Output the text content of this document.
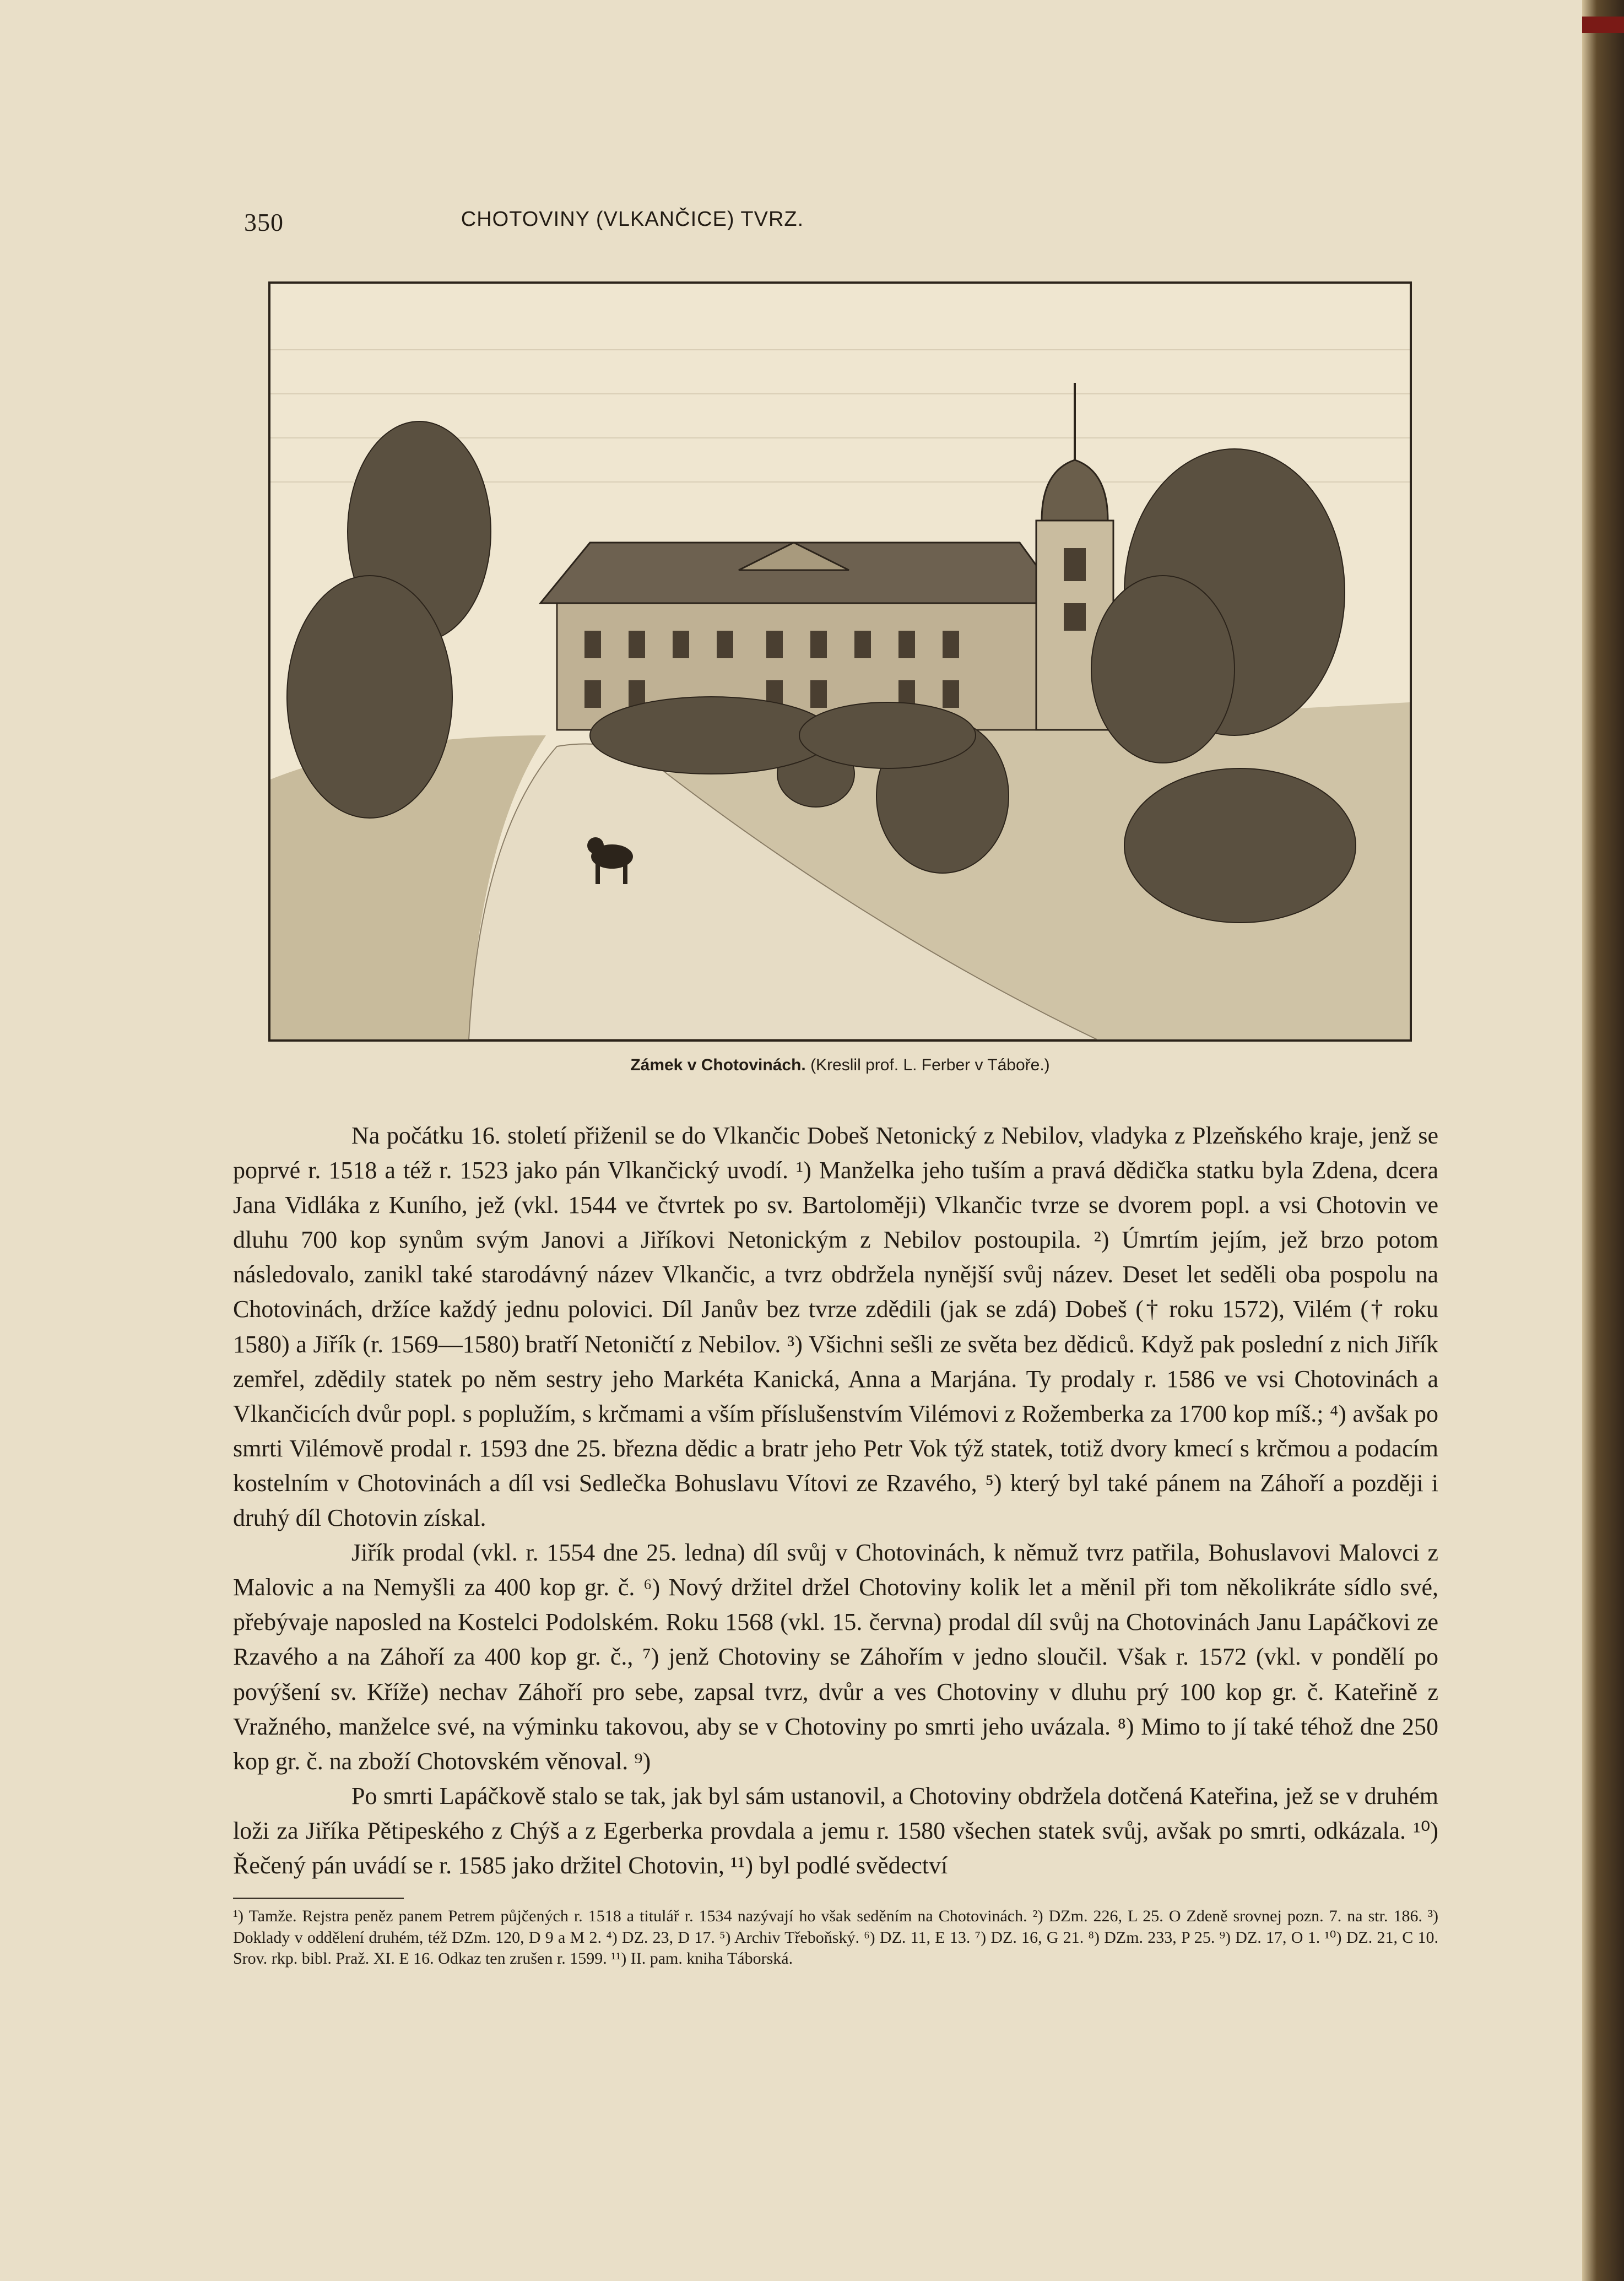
350	CHOTOVINY (VLKANČICE) TVRZ.
Zámek v Chotovinách. (Kreslil prof. L. Ferber v Táboře.)

Na počátku 16. století přiženil se do Vlkančic Dobeš Netonický z Nebilov, vladyka z Plzeňského kraje, jenž se poprvé r. 1518 a též r. 1523 jako pán Vlkančický uvodí. ¹) Manželka jeho tuším a pravá dědička statku byla Zdena, dcera Jana Vidláka z Kuního, jež (vkl. 1544 ve čtvrtek po sv. Bartoloměji) Vlkančic tvrze se dvorem popl. a vsi Chotovin ve dluhu 700 kop synům svým Janovi a Jiříkovi Netonickým z Nebilov postoupila. ²) Úmrtím jejím, jež brzo potom následovalo, zanikl také starodávný název Vlkančic, a tvrz obdržela nynější svůj název. Deset let seděli oba pospolu na Chotovinách, držíce každý jednu polovici. Díl Janův bez tvrze zdědili (jak se zdá) Dobeš († roku 1572), Vilém († roku 1580) a Jiřík (r. 1569—1580) bratří Netoničtí z Nebilov. ³) Všichni sešli ze světa bez dědiců. Když pak poslední z nich Jiřík zemřel, zdědily statek po něm sestry jeho Markéta Kanická, Anna a Marjána. Ty prodaly r. 1586 ve vsi Chotovinách a Vlkančicích dvůr popl. s poplužím, s krčmami a vším příslušenstvím Vilémovi z Rožemberka za 1700 kop míš.; ⁴) avšak po smrti Vilémově prodal r. 1593 dne 25. března dědic a bratr jeho Petr Vok týž statek, totiž dvory kmecí s krčmou a podacím kostelním v Chotovinách a díl vsi Sedlečka Bohuslavu Vítovi ze Rzavého, ⁵) který byl také pánem na Záhoří a později i druhý díl Chotovin získal.

Jiřík prodal (vkl. r. 1554 dne 25. ledna) díl svůj v Chotovinách, k němuž tvrz patřila, Bohuslavovi Malovci z Malovic a na Nemyšli za 400 kop gr. č. ⁶) Nový držitel držel Chotoviny kolik let a měnil při tom několikráte sídlo své, přebývaje naposled na Kostelci Podolském. Roku 1568 (vkl. 15. června) prodal díl svůj na Chotovinách Janu Lapáčkovi ze Rzavého a na Záhoří za 400 kop gr. č., ⁷) jenž Chotoviny se Záhořím v jedno sloučil. Však r. 1572 (vkl. v pondělí po povýšení sv. Kříže) nechav Záhoří pro sebe, zapsal tvrz, dvůr a ves Chotoviny v dluhu prý 100 kop gr. č. Kateřině z Vražného, manželce své, na výminku takovou, aby se v Chotoviny po smrti jeho uvázala. ⁸) Mimo to jí také téhož dne 250 kop gr. č. na zboží Chotovském věnoval. ⁹)

Po smrti Lapáčkově stalo se tak, jak byl sám ustanovil, a Chotoviny obdržela dotčená Kateřina, jež se v druhém loži za Jiříka Pětipeského z Chýš a z Egerberka provdala a jemu r. 1580 všechen statek svůj, avšak po smrti, odkázala. ¹⁰) Řečený pán uvádí se r. 1585 jako držitel Chotovin, ¹¹) byl podlé svědectví

¹) Tamže. Rejstra peněz panem Petrem půjčených r. 1518 a titulář r. 1534 nazývají ho však seděním na Chotovinách. ²) DZm. 226, L 25. O Zdeně srovnej pozn. 7. na str. 186. ³) Doklady v oddělení druhém, též DZm. 120, D 9 a M 2. ⁴) DZ. 23, D 17. ⁵) Archiv Třeboňský. ⁶) DZ. 11, E 13. ⁷) DZ. 16, G 21. ⁸) DZm. 233, P 25. ⁹) DZ. 17, O 1. ¹⁰) DZ. 21, C 10. Srov. rkp. bibl. Praž. XI. E 16. Odkaz ten zrušen r. 1599. ¹¹) II. pam. kniha Táborská.
